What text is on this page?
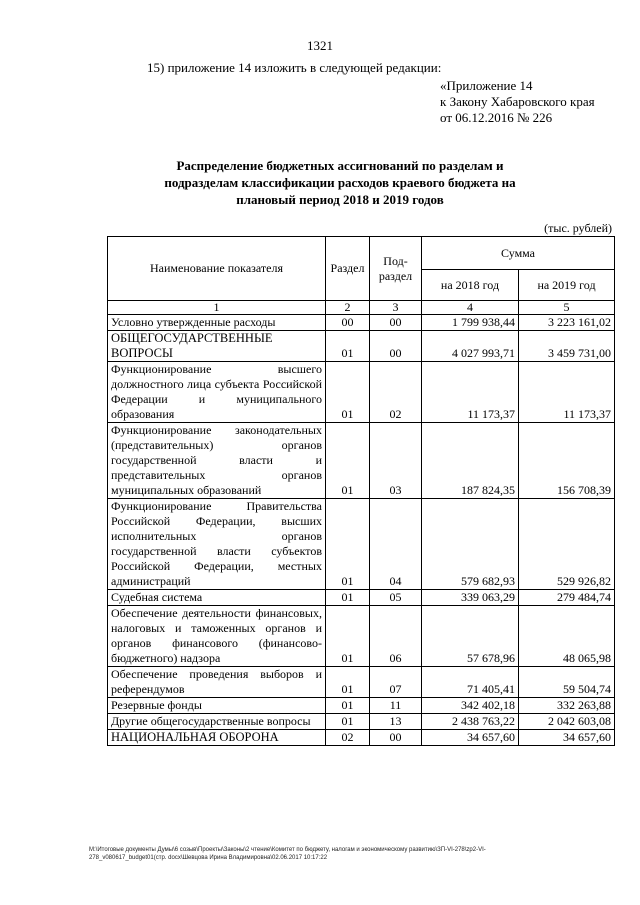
1321
15) приложение 14 изложить в следующей редакции:
«Приложение 14
к Закону Хабаровского края
от 06.12.2016 № 226
Распределение бюджетных ассигнований по разделам и
подразделам классификации расходов краевого бюджета на
плановый период 2018 и 2019 годов
(тыс. рублей)
Наименование показателя	Раздел	Под- раздел	Сумма	
			на 2018 год	на 2019 год
1	2	3	4	5
Условно утвержденные расходы	00	00	1 799 938,44	3 223 161,02
ОБЩЕГОСУДАРСТВЕННЫЕ ВОПРОСЫ	01	00	4 027 993,71	3 459 731,00
Функционирование высшего должностного лица субъекта Российской Федерации и муниципального образования	01	02	11 173,37	11 173,37
Функционирование законодательных (представительных) органов государственной власти и представительных органов муниципальных образований	01	03	187 824,35	156 708,39
Функционирование Правительства Российской Федерации, высших исполнительных органов государственной власти субъектов Российской Федерации, местных администраций	01	04	579 682,93	529 926,82
Судебная система	01	05	339 063,29	279 484,74
Обеспечение деятельности финансовых, налоговых и таможенных органов и органов финансового (финансово-бюджетного) надзора	01	06	57 678,96	48 065,98
Обеспечение проведения выборов и референдумов	01	07	71 405,41	59 504,74
Резервные фонды	01	11	342 402,18	332 263,88
Другие общегосударственные вопросы	01	13	2 438 763,22	2 042 603,08
НАЦИОНАЛЬНАЯ ОБОРОНА	02	00	34 657,60	34 657,60
M:\Итоговые документы Думы\6 созыв\Проекты\Законы\2 чтение\Комитет по бюджету, налогам и экономическому развитию\ЗП-VI-278\zp2-VI-
278_v080617_budget01(стр. docx\Шевцова Ирина Владимировна\02.06.2017 10:17:22
